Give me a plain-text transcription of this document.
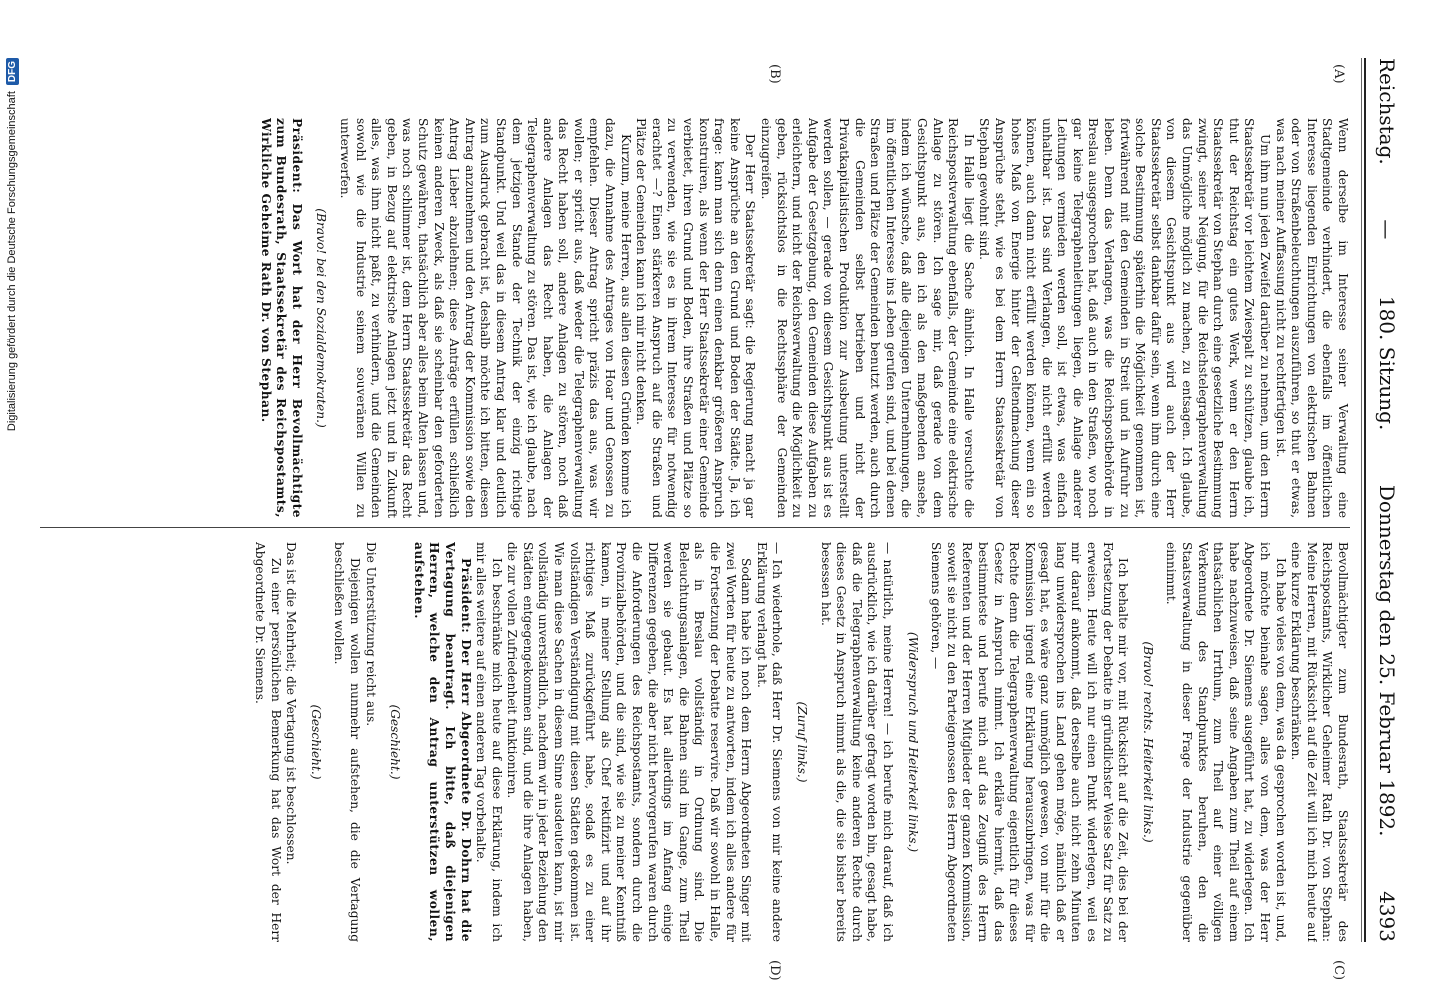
Reichstag.
—
180. Sitzung.
Donnerstag den 25. Februar 1892.
4393
(A)
(B)
(C)
(D)

Wenn derselbe im Interesse seiner Verwaltung eine Stadtgemeinde verhindert, die ebenfalls im öffentlichen Interesse liegenden Einrichtungen von elektrischen Bahnen oder von Straßenbeleuchtungen auszuführen, so thut er etwas, was nach meiner Auffassung nicht zu rechtfertigen ist.

Um ihm nun jeden Zweifel darüber zu nehmen, um den Herrn Staatssekretär vor leichtem Zwiespalt zu schützen, glaube ich, thut der Reichstag ein gutes Werk, wenn er den Herrn Staatssekretär von Stephan durch eine gesetzliche Bestimmung zwingt, seiner Neigung, für die Reichstelegraphenverwaltung das Unmögliche möglich zu machen, zu entsagen. Ich glaube, von diesem Gesichtspunkt aus wird auch der Herr Staatssekretär selbst dankbar dafür sein, wenn ihm durch eine solche Bestimmung späterhin die Möglichkeit genommen ist, fortwährend mit den Gemeinden in Streit und in Aufruhr zu leben. Denn das Verlangen, was die Reichspostbehörde in Breslau ausgesprochen hat, daß auch in den Straßen, wo noch gar keine Telegraphenleitungen liegen, die Anlage anderer Leitungen vermieden werden soll, ist etwas, was einfach unhaltbar ist. Das sind Verlangen, die nicht erfüllt werden können, auch dann nicht erfüllt werden können, wenn ein so hohes Maß von Energie hinter der Geltendmachung dieser Ansprüche steht, wie es bei dem Herrn Staatssekretär von Stephan gewohnt sind.

In Halle liegt die Sache ähnlich. In Halle versuchte die Reichspostverwaltung ebenfalls, der Gemeinde eine elektrische Anlage zu stören. Ich sage mir, daß gerade von dem Gesichtspunkt aus, den ich als den maßgebenden ansehe, indem ich wünsche, daß alle diejenigen Unternehmungen, die im öffentlichen Interesse ins Leben gerufen sind, und bei denen Straßen und Plätze der Gemeinden benutzt werden, auch durch die Gemeinden selbst betrieben und nicht der Privatkapitalistischen Produktion zur Ausbeutung unterstellt werden sollen, — gerade von diesem Gesichtspunkt aus ist es Aufgabe der Gesetzgebung, den Gemeinden diese Aufgaben zu erleichtern, und nicht der Reichsverwaltung die Möglichkeit zu geben, rücksichtslos in die Rechtssphäre der Gemeinden einzugreifen.

Der Herr Staatssekretär sagt: die Regierung macht ja gar keine Ansprüche an den Grund und Boden der Städte. Ja, ich frage: kann man sich denn einen denkbar größeren Anspruch konstruiren, als wenn der Herr Staatssekretär einer Gemeinde verbietet, ihren Grund und Boden, ihre Straßen und Plätze so zu verwenden, wie sie es in ihrem Interesse für notwendig erachtet —? Einen stärkeren Anspruch auf die Straßen und Plätze der Gemeinden kann ich mir nicht denken.

Kurzum, meine Herren, aus allen diesen Gründen komme ich dazu, die Annahme des Antrages von Hoar und Genossen zu empfehlen. Dieser Antrag spricht präzis das aus, was wir wollen; er spricht aus, daß weder die Telegraphenverwaltung das Recht haben soll, andere Anlagen zu stören, noch daß andere Anlagen das Recht haben, die Anlagen der Telegraphenverwaltung zu stören. Das ist, wie ich glaube, nach dem jetzigen Stande der Technik der einzig richtige Standpunkt. Und weil das in diesem Antrag klar und deutlich zum Ausdruck gebracht ist, deshalb möchte ich bitten, diesen Antrag anzunehmen und den Antrag der Kommission sowie den Antrag Lieber abzulehnen; diese Anträge erfüllen schließlich keinen anderen Zweck, als daß sie scheinbar den geforderten Schutz gewähren, thatsächlich aber alles beim Alten lassen und, was noch schlimmer ist, dem Herrn Staatssekretär das Recht geben, in Bezug auf elektrische Anlagen jetzt und in Zukunft alles, was ihm nicht paßt, zu verhindern, und die Gemeinden sowohl wie die Industrie seinem souveränen Willen zu unterwerfen.

(Bravo! bei den Sozialdemokraten.)

Präsident: Das Wort hat der Herr Bevollmächtigte zum Bundesrath, Staatssekretär des Reichspostamts, Wirkliche Geheime Rath Dr. von Stephan.

Bevollmächtigter zum Bundesrath, Staatssekretär des Reichspostamts, Wirklicher Geheimer Rath Dr. von Stephan: Meine Herren, mit Rücksicht auf die Zeit will ich mich heute auf eine kurze Erklärung beschränken.

Ich habe vieles von dem, was da gesprochen worden ist, und, ich möchte beinahe sagen, alles von dem, was der Herr Abgeordnete Dr. Siemens ausgeführt hat, zu widerlegen. Ich habe nachzuweisen, daß seine Angaben zum Theil auf einem thatsächlichen Irrthum, zum Theil auf einer völligen Verkennung des Standpunktes beruhen, den die Staatsverwaltung in dieser Frage der Industrie gegenüber einnimmt.

(Bravo! rechts. Heiterkeit links.)

Ich behalte mir vor, mit Rücksicht auf die Zeit, dies bei der Fortsetzung der Debatte in gründlichster Weise Satz für Satz zu erweisen. Heute will ich nur einen Punkt widerlegen, weil es mir darauf ankommt, daß derselbe auch nicht zehn Minuten lang unwidersprochen ins Land gehen möge, nämlich daß er gesagt hat, es wäre ganz unmöglich gewesen, von mir für die Kommission irgend eine Erklärung herauszubringen, was für Rechte denn die Telegraphenverwaltung eigentlich für dieses Gesetz in Anspruch nimmt. Ich erkläre hiermit, daß das bestimmteste und berufe mich auf das Zeugniß des Herrn Referenten und der Herren Mitglieder der ganzen Kommission, soweit sie nicht zu den Parteigenossen des Herrn Abgeordneten Siemens gehören, —

(Widerspruch und Heiterkeit links.)

— natürlich, meine Herren! — ich berufe mich darauf, daß ich ausdrücklich, wie ich darüber gefragt worden bin, gesagt habe, daß die Telegraphenverwaltung keine anderen Rechte durch dieses Gesetz in Anspruch nimmt als die, die sie bisher bereits besessen hat.

(Zuruf links.)

— Ich wiederhole, daß Herr Dr. Siemens von mir keine andere Erklärung verlangt hat.

Sodann habe ich noch dem Herrn Abgeordneten Singer mit zwei Worten für heute zu antworten, indem ich alles andere für die Fortsetzung der Debatte reservire. Daß wir sowohl in Halle, als in Breslau vollständig in Ordnung sind. Die Beleuchtungsanlagen, die Bahnen sind im Gange, zum Theil werden sie gebaut. Es hat allerdings im Anfang einige Differenzen gegeben, die aber nicht hervorgerufen waren durch die Anforderungen des Reichspostamts, sondern durch die Provinzialbehörden, und die sind, wie sie zu meiner Kenntniß kamen, in meiner Stellung als Chef rektifizirt und auf ihr richtiges Maß zurückgeführt habe, sodaß es zu einer vollständigen Verständigung mit diesen Städten gekommen ist. Wie man diese Sachen in diesem Sinne ausdeuten kann, ist mir vollständig unverständlich, nachdem wir in jeder Beziehung den Städten entgegengekommen sind, und die ihre Anlagen haben, die zur vollen Zufriedenheit funktioniren.

Ich beschränke mich heute auf diese Erklärung, indem ich mir alles weitere auf einen anderen Tag vorbehalte.

Präsident: Der Herr Abgeordnete Dr. Dohrn hat die Vertagung beantragt. Ich bitte, daß diejenigen Herren, welche den Antrag unterstützen wollen, aufstehen.

(Geschieht.)

Die Unterstützung reicht aus.

Diejenigen wollen nunmehr aufstehen, die die Vertagung beschließen wollen.

(Geschieht.)

Das ist die Mehrheit; die Vertagung ist beschlossen.

Zu einer persönlichen Bemerkung hat das Wort der Herr Abgeordnete Dr. Siemens.

Digitalisierung gefördert durch die Deutsche Forschungsgemeinschaft
DFG
